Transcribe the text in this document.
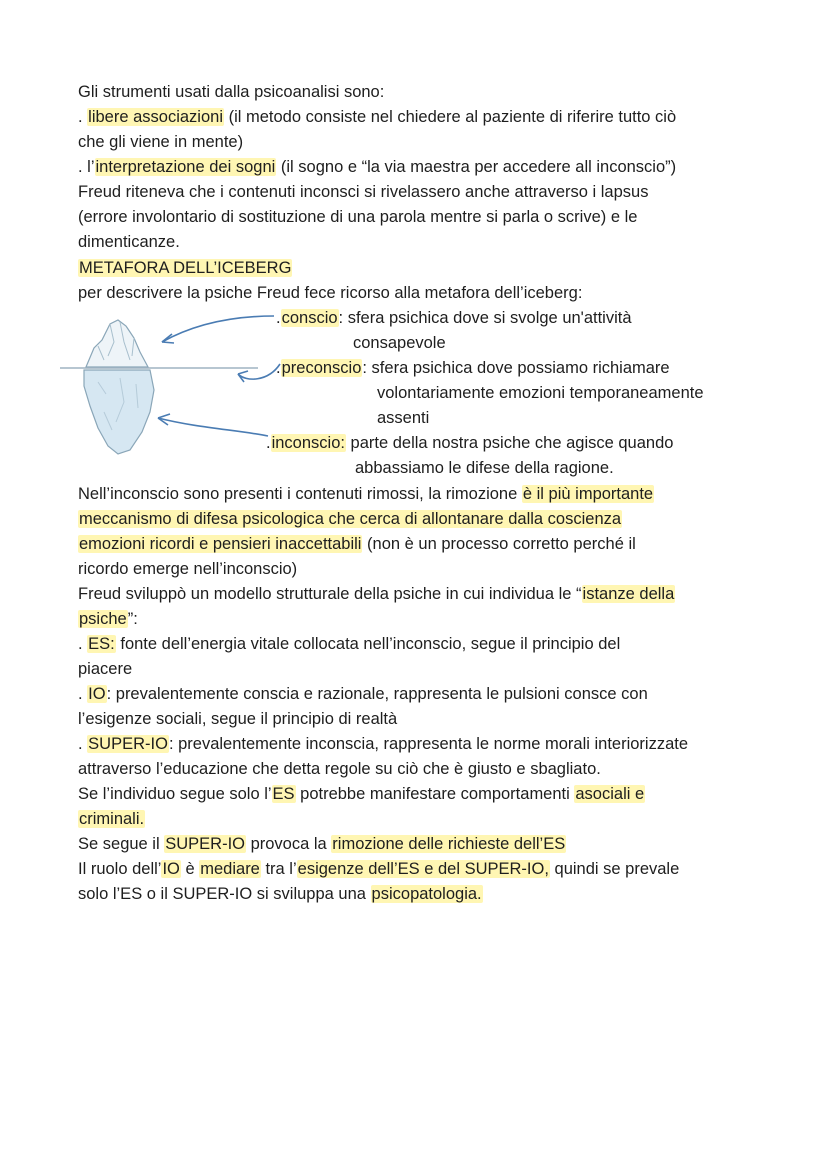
Gli strumenti usati dalla psicoanalisi sono:
. libere associazioni (il metodo consiste nel chiedere al paziente di riferire tutto ciò
che gli viene in mente)
. l’interpretazione dei sogni (il sogno e “la via maestra per accedere all inconscio”)
Freud riteneva che i contenuti inconsci si rivelassero anche attraverso i lapsus
(errore involontario di sostituzione di una parola mentre si parla o scrive) e le
dimenticanze.
METAFORA DELL’ICEBERG
per descrivere la psiche Freud fece ricorso alla metafora dell’iceberg:
.conscio: sfera psichica dove si svolge un'attività
consapevole
.preconscio: sfera psichica dove possiamo richiamare
volontariamente emozioni temporaneamente
assenti
.inconscio: parte della nostra psiche che agisce quando
abbassiamo le difese della ragione.
Nell’inconscio sono presenti i contenuti rimossi, la rimozione è il più importante
meccanismo di difesa psicologica che cerca di allontanare dalla coscienza
emozioni ricordi e pensieri inaccettabili (non è un processo corretto perché il
ricordo emerge nell’inconscio)
Freud sviluppò un modello strutturale della psiche in cui individua le “istanze della
psiche”:
. ES: fonte dell’energia vitale collocata nell’inconscio, segue il principio del
piacere
. IO: prevalentemente conscia e razionale, rappresenta le pulsioni consce con
l’esigenze sociali, segue il principio di realtà
. SUPER-IO: prevalentemente inconscia, rappresenta le norme morali interiorizzate
attraverso l’educazione che detta regole su ciò che è giusto e sbagliato.
Se l’individuo segue solo l’ES potrebbe manifestare comportamenti asociali e
criminali.
Se segue il SUPER-IO provoca la rimozione delle richieste dell’ES
Il ruolo dell’IO è mediare tra l’esigenze dell’ES e del SUPER-IO, quindi se prevale
solo l’ES o il SUPER-IO si sviluppa una psicopatologia.
